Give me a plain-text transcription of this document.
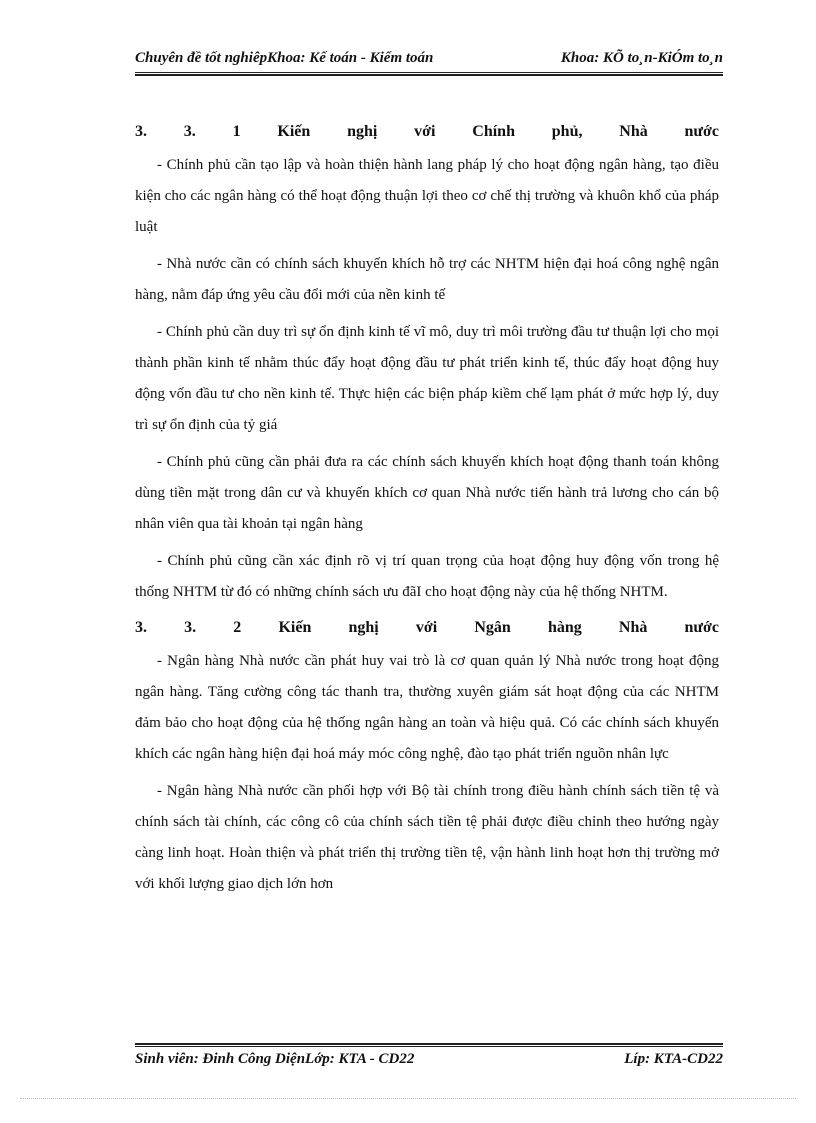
Chuyên đề tốt nghiêpKhoa: Kế toán - Kiểm toán	Khoa: KÕ to¸n-KiÓm to¸n
3. 3. 1 Kiến nghị với Chính phủ, Nhà nước

- Chính phủ cần tạo lập và hoàn thiện hành lang pháp lý cho hoạt động ngân hàng, tạo điều kiện cho các ngân hàng có thể hoạt động thuận lợi theo cơ chế thị trường và khuôn khổ của pháp luật

- Nhà nước cần có chính sách khuyến khích hỗ trợ các NHTM hiện đại hoá công nghệ ngân hàng, nằm đáp ứng yêu cầu đổi mới của nền kinh tế

- Chính phủ cần duy trì sự ổn định kinh tế vĩ mô, duy trì môi trường đầu tư thuận lợi cho mọi thành phần kinh tế nhằm thúc đẩy hoạt động đầu tư phát triển kinh tế, thúc đẩy hoạt động huy động vốn đầu tư cho nền kinh tế. Thực hiện các biện pháp kiềm chế lạm phát ở mức hợp lý, duy trì sự ổn định của tỷ giá

- Chính phủ cũng cần phải đưa ra các chính sách khuyến khích hoạt động thanh toán không dùng tiền mặt trong dân cư và khuyến khích cơ quan Nhà nước tiến hành trả lương cho cán bộ nhân viên qua tài khoản tại ngân hàng

- Chính phủ cũng cần xác định rõ vị trí quan trọng của hoạt động huy động vốn trong hệ thống NHTM từ đó có những chính sách ưu đãI cho hoạt động này của hệ thống NHTM.

3. 3. 2 Kiến nghị với Ngân hàng Nhà nước

- Ngân hàng Nhà nước cần phát huy vai trò là cơ quan quản lý Nhà nước trong hoạt động ngân hàng. Tăng cường công tác thanh tra, thường xuyên giám sát hoạt động của các NHTM đảm bảo cho hoạt động của hệ thống ngân hàng an toàn và hiệu quả. Có các chính sách khuyến khích các ngân hàng hiện đại hoá máy móc công nghệ, đào tạo phát triển nguồn nhân lực

- Ngân hàng Nhà nước cần phối hợp với Bộ tài chính trong điều hành chính sách tiền tệ và chính sách tài chính, các công cô của chính sách tiền tệ phải được điều chỉnh theo hướng ngày càng linh hoạt. Hoàn thiện và phát triển thị trường tiền tệ, vận hành linh hoạt hơn thị trường mở với khối lượng giao dịch lớn hơn

Sinh viên: Đinh Công DiệnLớp: KTA - CD22	Líp: KTA-CD22
